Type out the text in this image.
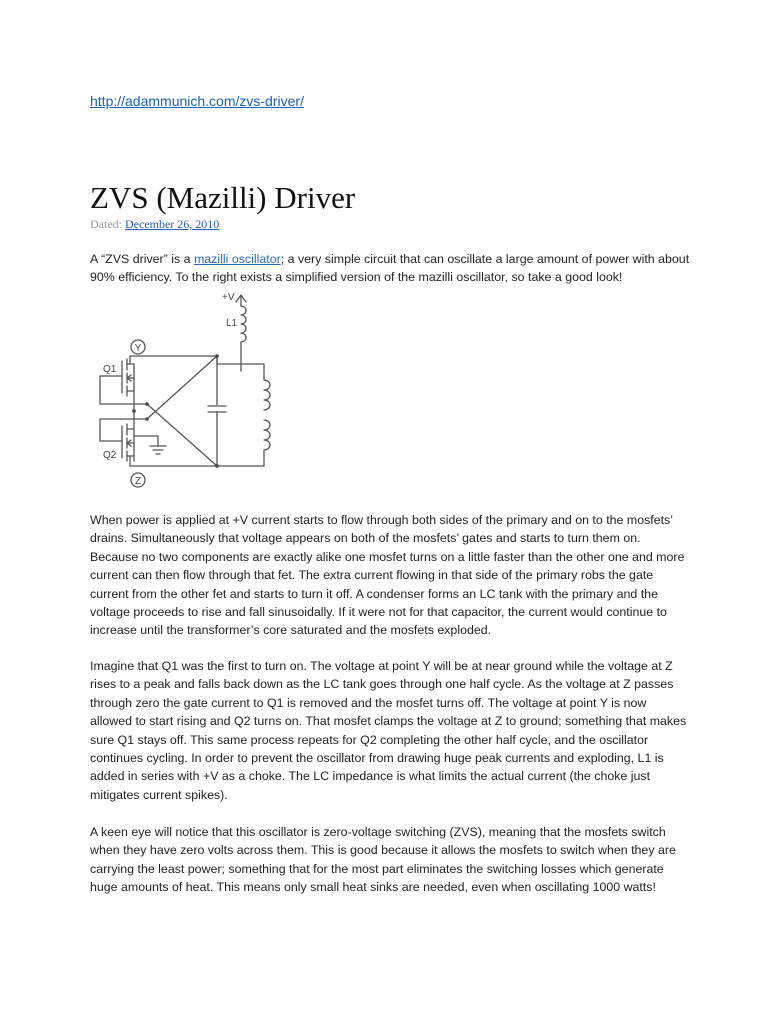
http://adammunich.com/zvs-driver/
ZVS (Mazilli) Driver
Dated: December 26, 2010

A “ZVS driver” is a mazilli oscillator; a very simple circuit that can oscillate a large amount of power with about 90% efficiency. To the right exists a simplified version of the mazilli oscillator, so take a good look!

+V
L1
Q1
Q2
Y
Z

When power is applied at +V current starts to flow through both sides of the primary and on to the mosfets’ drains. Simultaneously that voltage appears on both of the mosfets’ gates and starts to turn them on. Because no two components are exactly alike one mosfet turns on a little faster than the other one and more current can then flow through that fet. The extra current flowing in that side of the primary robs the gate current from the other fet and starts to turn it off. A condenser forms an LC tank with the primary and the voltage proceeds to rise and fall sinusoidally. If it were not for that capacitor, the current would continue to increase until the transformer’s core saturated and the mosfets exploded.

Imagine that Q1 was the first to turn on. The voltage at point Y will be at near ground while the voltage at Z rises to a peak and falls back down as the LC tank goes through one half cycle. As the voltage at Z passes through zero the gate current to Q1 is removed and the mosfet turns off. The voltage at point Y is now allowed to start rising and Q2 turns on. That mosfet clamps the voltage at Z to ground; something that makes sure Q1 stays off. This same process repeats for Q2 completing the other half cycle, and the oscillator continues cycling. In order to prevent the oscillator from drawing huge peak currents and exploding, L1 is added in series with +V as a choke. The LC impedance is what limits the actual current (the choke just mitigates current spikes).

A keen eye will notice that this oscillator is zero-voltage switching (ZVS), meaning that the mosfets switch when they have zero volts across them. This is good because it allows the mosfets to switch when they are carrying the least power; something that for the most part eliminates the switching losses which generate huge amounts of heat. This means only small heat sinks are needed, even when oscillating 1000 watts!
